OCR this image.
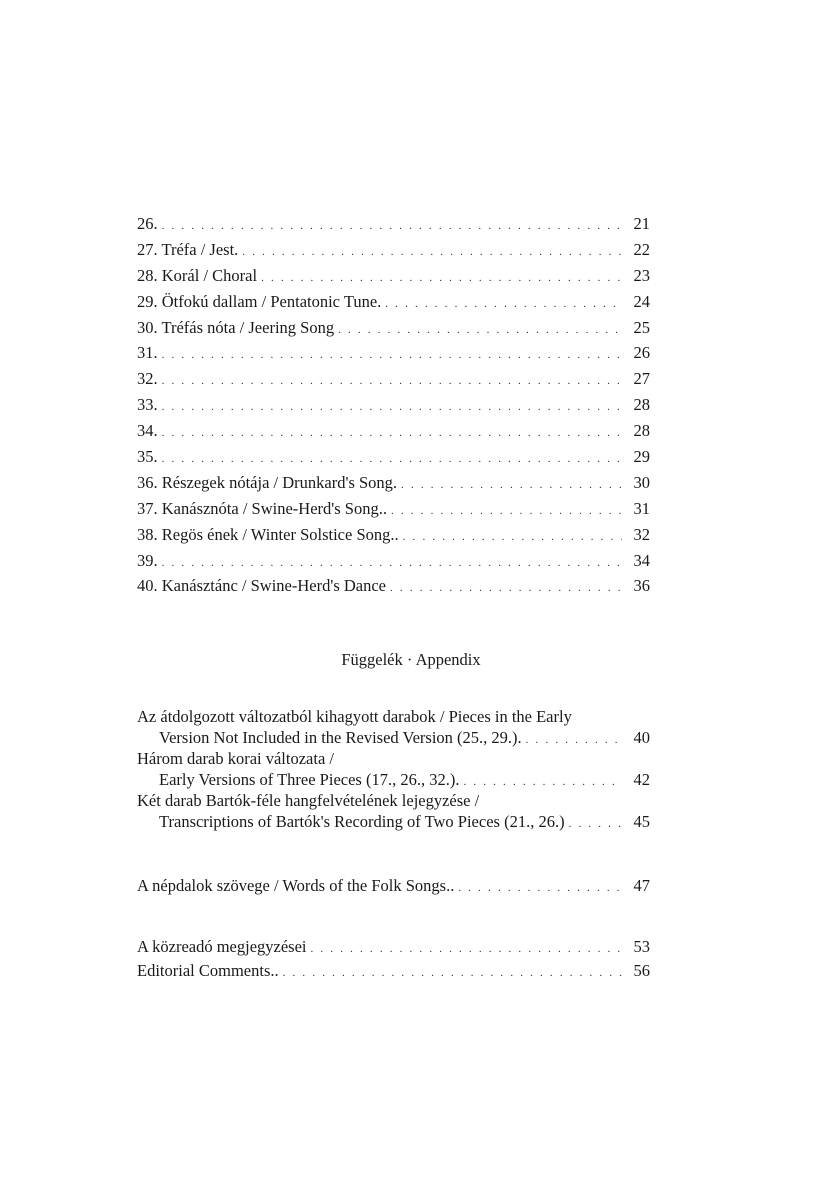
26. . . .	21
27. Tréfa / Jest. . . .	22
28. Korál / Choral . . .	23
29. Ötfokú dallam / Pentatonic Tune. . . .	24
30. Tréfás nóta / Jeering Song . . .	25
31. . . .	26
32. . . .	27
33. . . .	28
34. . . .	28
35. . . .	29
36. Részegek nótája / Drunkard's Song. . . .	30
37. Kanásznóta / Swine-Herd's Song.. . . .	31
38. Regös ének / Winter Solstice Song.. . . .	32
39. . . .	34
40. Kanásztánc / Swine-Herd's Dance . . .	36
Függelék · Appendix
Az átdolgozott változatból kihagyott darabok / Pieces in the Early
Version Not Included in the Revised Version (25., 29.). . . .	40
Három darab korai változata /
Early Versions of Three Pieces (17., 26., 32.). . . .	42
Két darab Bartók-féle hangfelvételének lejegyzése /
Transcriptions of Bartók's Recording of Two Pieces (21., 26.) . . .	45
A népdalok szövege / Words of the Folk Songs.. . . .	47
A közreadó megjegyzései . . .	53
Editorial Comments.. . . .	56
